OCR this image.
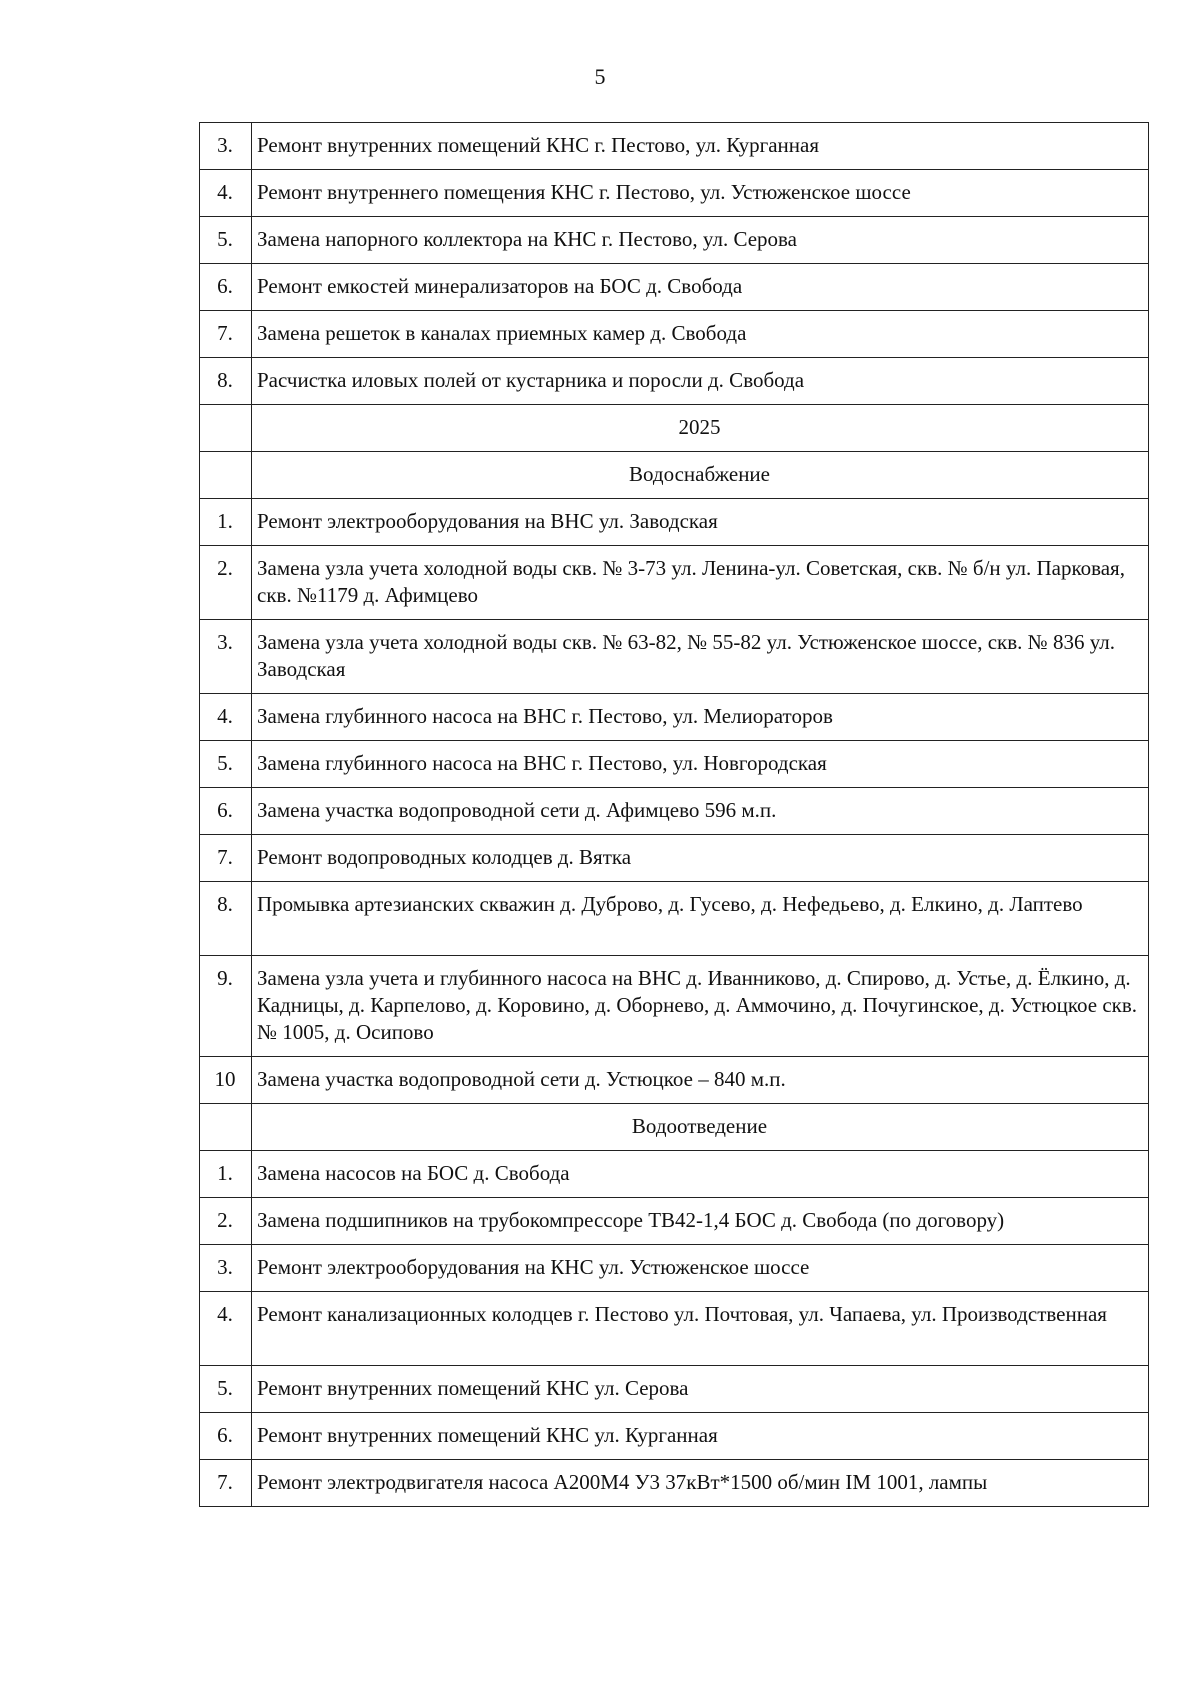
5
3.	Ремонт внутренних помещений КНС г. Пестово, ул. Курганная
4.	Ремонт внутреннего помещения КНС г. Пестово, ул. Устюженское шоссе
5.	Замена напорного коллектора на КНС г. Пестово, ул. Серова
6.	Ремонт емкостей минерализаторов на БОС д. Свобода
7.	Замена решеток в каналах приемных камер д. Свобода
8.	Расчистка иловых полей от кустарника и поросли д. Свобода
	2025
	Водоснабжение
1.	Ремонт электрооборудования на ВНС ул. Заводская
2.	Замена узла учета холодной воды скв. № 3-73 ул. Ленина-ул. Советская, скв. № б/н ул. Парковая, скв. №1179 д. Афимцево
3.	Замена узла учета холодной воды скв. № 63-82, № 55-82 ул. Устюженское шоссе, скв. № 836 ул. Заводская
4.	Замена глубинного насоса на ВНС г. Пестово, ул. Мелиораторов
5.	Замена глубинного насоса на ВНС г. Пестово, ул. Новгородская
6.	Замена участка водопроводной сети д. Афимцево 596 м.п.
7.	Ремонт водопроводных колодцев д. Вятка
8.	Промывка артезианских скважин д. Дуброво, д. Гусево, д. Нефедьево, д. Елкино, д. Лаптево
9.	Замена узла учета и глубинного насоса на ВНС д. Иванниково, д. Спирово, д. Устье, д. Ёлкино, д. Кадницы, д. Карпелово, д. Коровино, д. Оборнево, д. Аммочино, д. Почугинское, д. Устюцкое скв. № 1005, д. Осипово
10	Замена участка водопроводной сети д. Устюцкое – 840 м.п.
	Водоотведение
1.	Замена насосов на БОС д. Свобода
2.	Замена подшипников на трубокомпрессоре ТВ42-1,4 БОС д. Свобода (по договору)
3.	Ремонт электрооборудования на КНС ул. Устюженское шоссе
4.	Ремонт канализационных колодцев г. Пестово ул. Почтовая, ул. Чапаева, ул. Производственная
5.	Ремонт внутренних помещений КНС ул. Серова
6.	Ремонт внутренних помещений КНС ул. Курганная
7.	Ремонт электродвигателя насоса А200М4 У3 37кВт*1500 об/мин IM 1001, лампы
